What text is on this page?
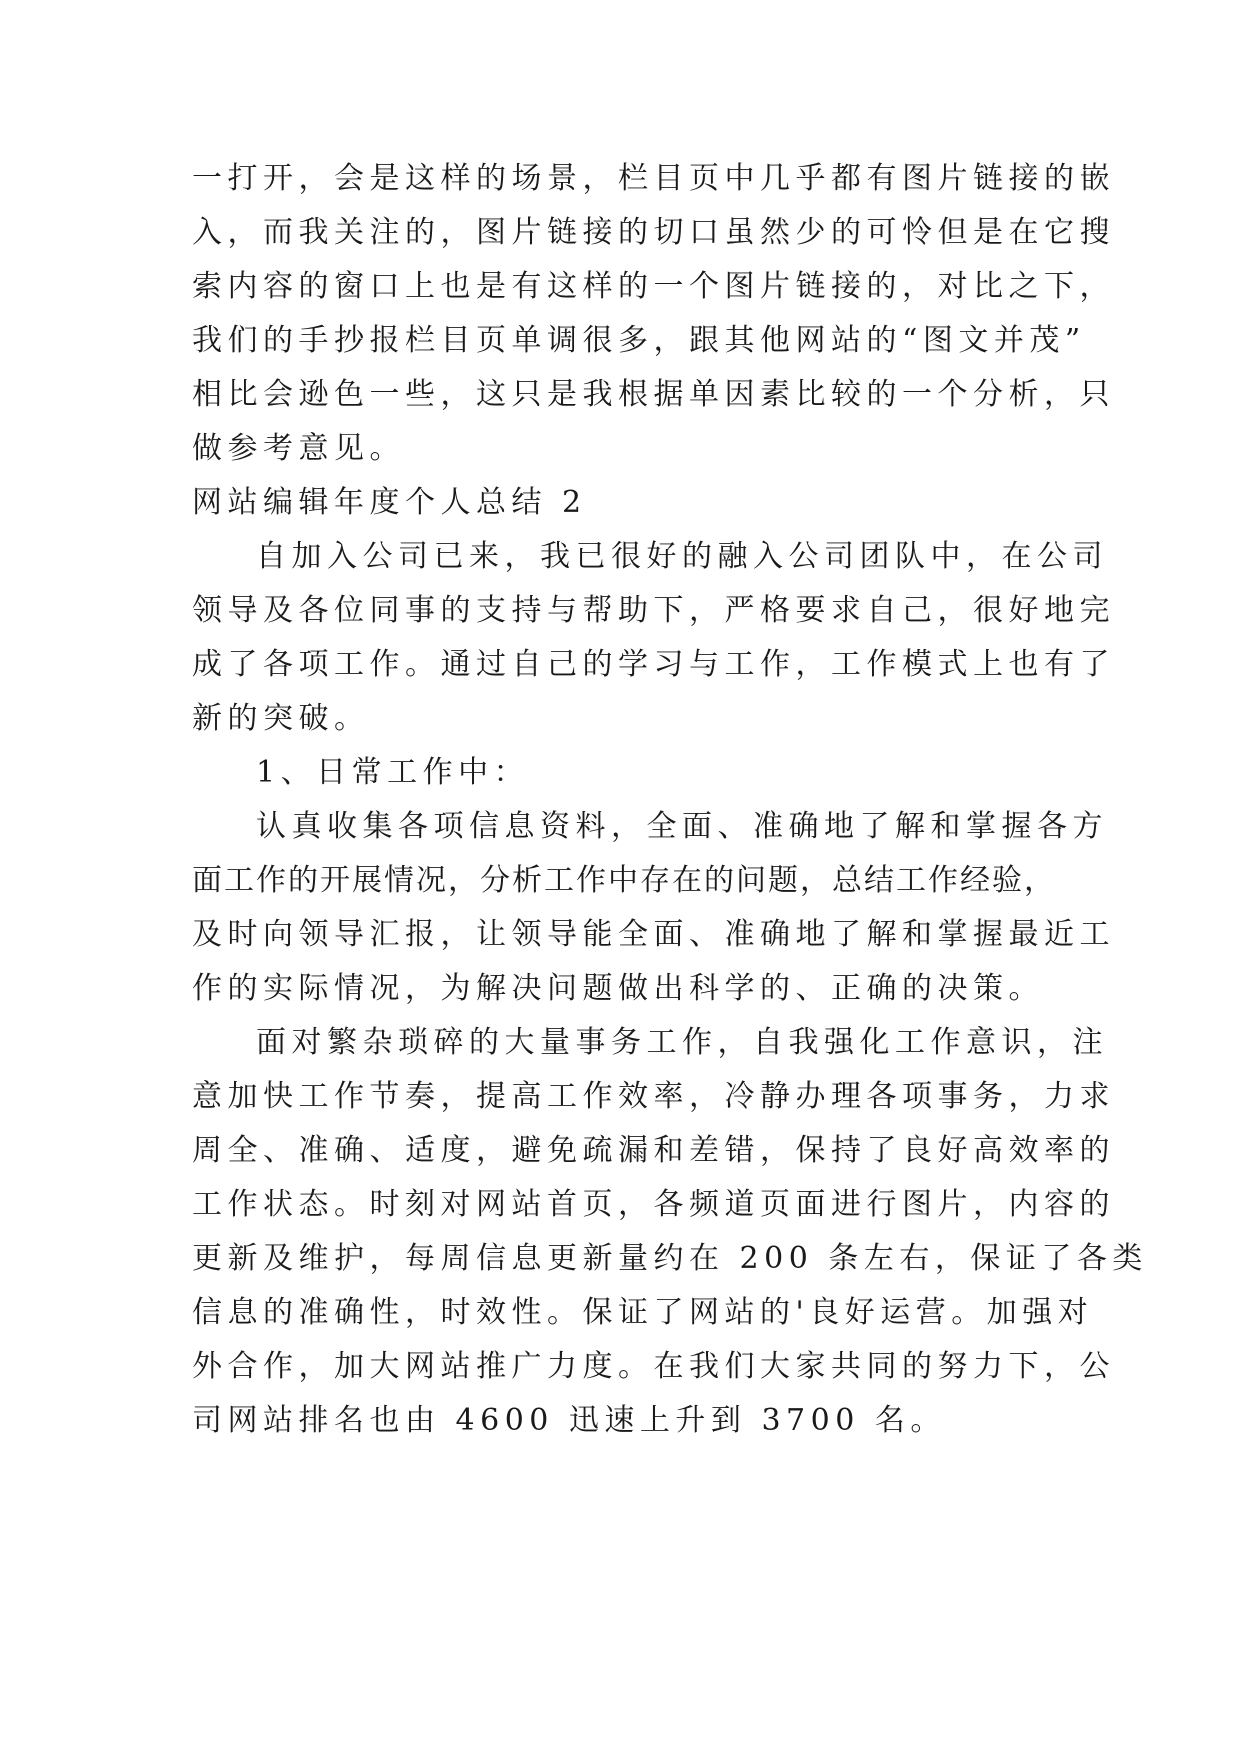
一打开，会是这样的场景，栏目页中几乎都有图片链接的嵌
入，而我关注的，图片链接的切口虽然少的可怜但是在它搜
索内容的窗口上也是有这样的一个图片链接的，对比之下，
我们的手抄报栏目页单调很多，跟其他网站的“图文并茂”
相比会逊色一些，这只是我根据单因素比较的一个分析，只
做参考意见。
网站编辑年度个人总结 2
自加入公司已来，我已很好的融入公司团队中，在公司
领导及各位同事的支持与帮助下，严格要求自己，很好地完
成了各项工作。通过自己的学习与工作，工作模式上也有了
新的突破。
1、日常工作中：
认真收集各项信息资料，全面、准确地了解和掌握各方
面工作的开展情况，分析工作中存在的问题，总结工作经验，
及时向领导汇报，让领导能全面、准确地了解和掌握最近工
作的实际情况，为解决问题做出科学的、正确的决策。
面对繁杂琐碎的大量事务工作，自我强化工作意识，注
意加快工作节奏，提高工作效率，冷静办理各项事务，力求
周全、准确、适度，避免疏漏和差错，保持了良好高效率的
工作状态。时刻对网站首页，各频道页面进行图片，内容的
更新及维护，每周信息更新量约在 200 条左右，保证了各类
信息的准确性，时效性。保证了网站的'良好运营。加强对
外合作，加大网站推广力度。在我们大家共同的努力下，公
司网站排名也由 4600 迅速上升到 3700 名。
